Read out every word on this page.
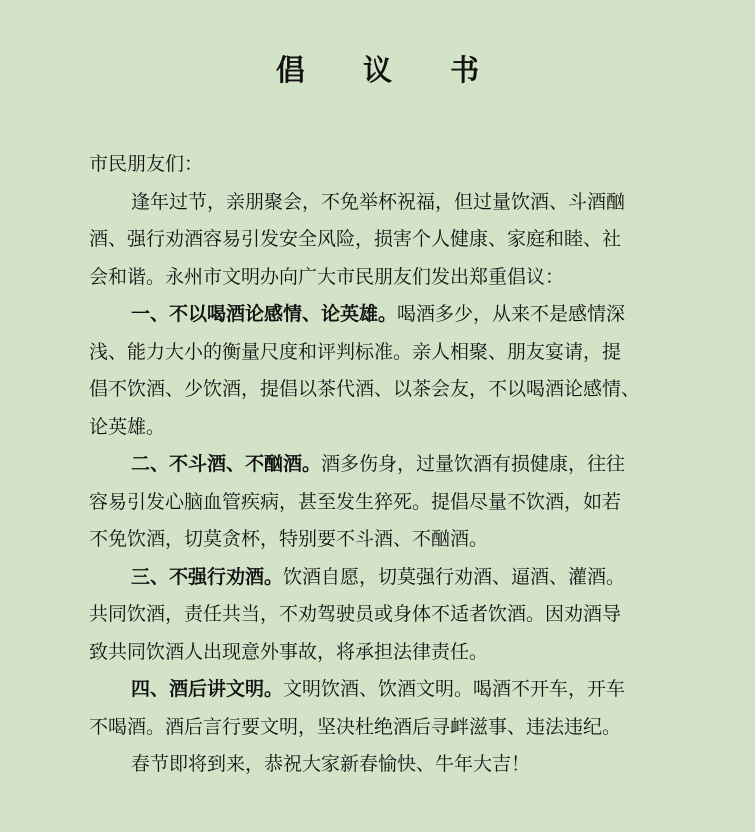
倡 议 书
市民朋友们：
逢年过节，亲朋聚会，不免举杯祝福，但过量饮酒、斗酒酗
酒、强行劝酒容易引发安全风险，损害个人健康、家庭和睦、社
会和谐。永州市文明办向广大市民朋友们发出郑重倡议：
一、不以喝酒论感情、论英雄。喝酒多少，从来不是感情深
浅、能力大小的衡量尺度和评判标准。亲人相聚、朋友宴请，提
倡不饮酒、少饮酒，提倡以茶代酒、以茶会友，不以喝酒论感情、
论英雄。
二、不斗酒、不酗酒。酒多伤身，过量饮酒有损健康，往往
容易引发心脑血管疾病，甚至发生猝死。提倡尽量不饮酒，如若
不免饮酒，切莫贪杯，特别要不斗酒、不酗酒。
三、不强行劝酒。饮酒自愿，切莫强行劝酒、逼酒、灌酒。
共同饮酒，责任共当，不劝驾驶员或身体不适者饮酒。因劝酒导
致共同饮酒人出现意外事故，将承担法律责任。
四、酒后讲文明。文明饮酒、饮酒文明。喝酒不开车，开车
不喝酒。酒后言行要文明，坚决杜绝酒后寻衅滋事、违法违纪。
春节即将到来，恭祝大家新春愉快、牛年大吉！
